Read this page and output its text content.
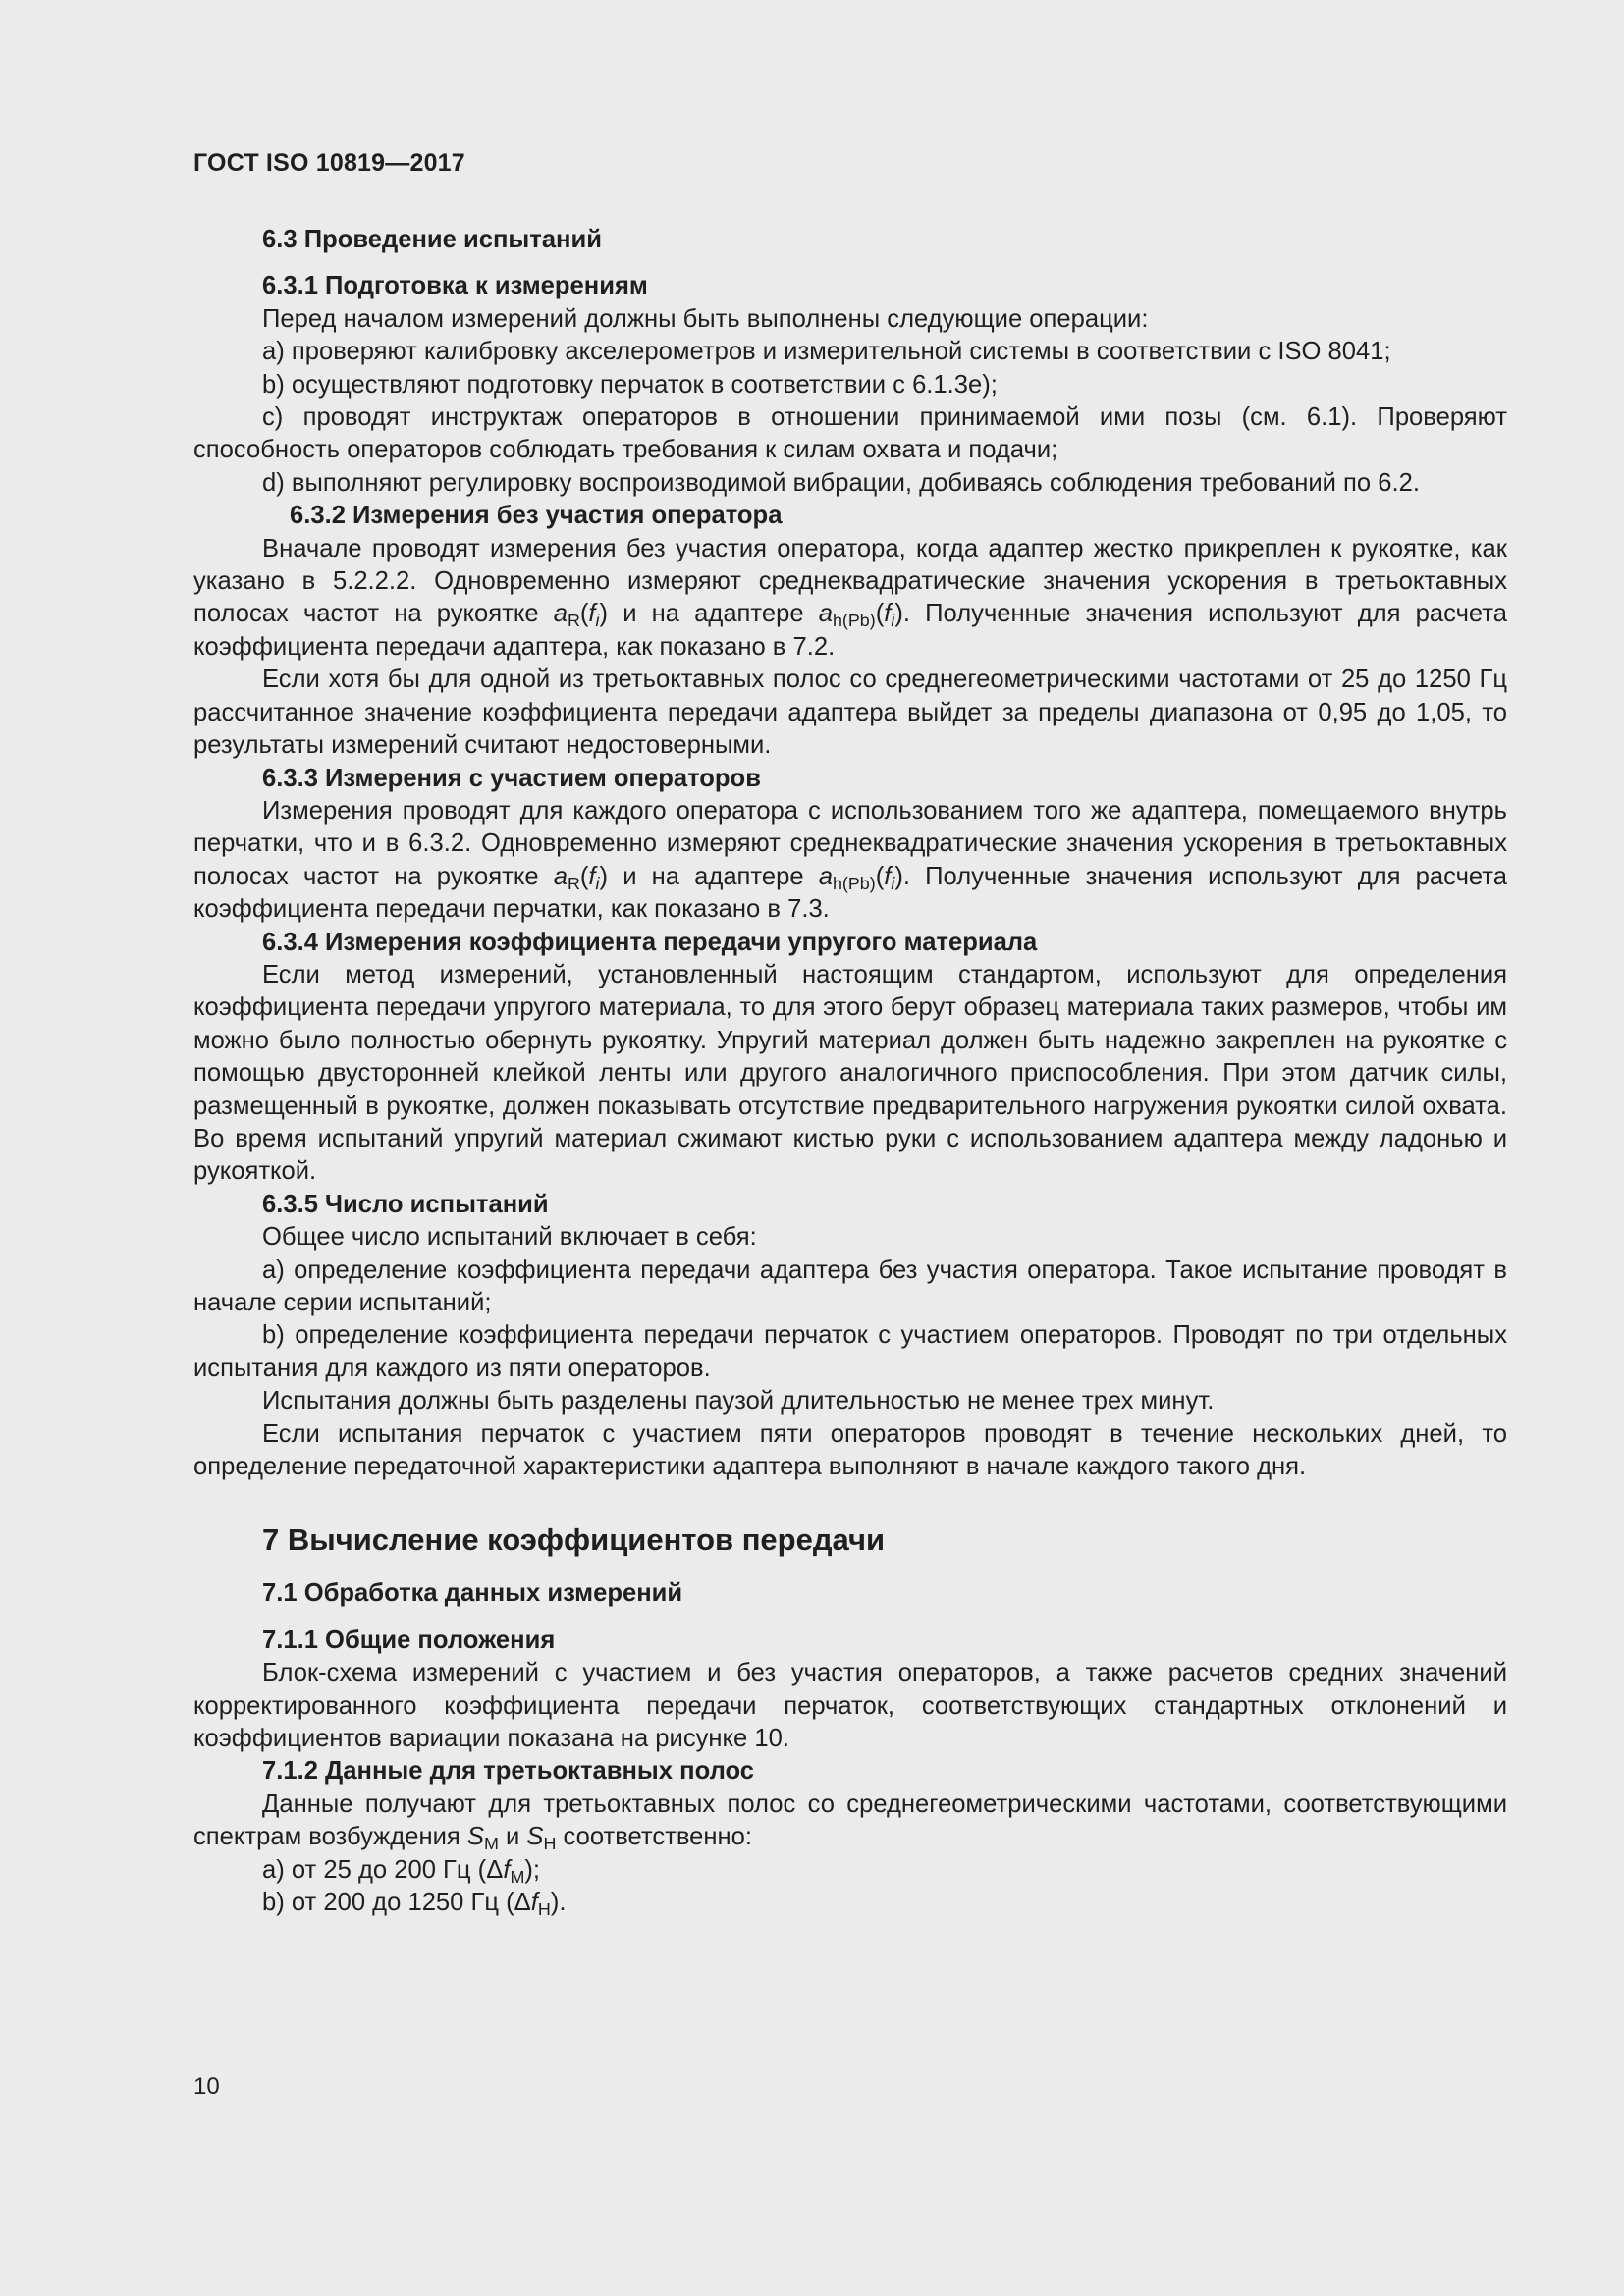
ГОСТ ISO 10819—2017

6.3 Проведение испытаний

6.3.1 Подготовка к измерениям

Перед началом измерений должны быть выполнены следующие операции:

а) проверяют калибровку акселерометров и измерительной системы в соответствии с ISO 8041;

b) осуществляют подготовку перчаток в соответствии с 6.1.3е);

с) проводят инструктаж операторов в отношении принимаемой ими позы (см. 6.1). Проверяют способность операторов соблюдать требования к силам охвата и подачи;

d) выполняют регулировку воспроизводимой вибрации, добиваясь соблюдения требований по 6.2.

6.3.2 Измерения без участия оператора

Вначале проводят измерения без участия оператора, когда адаптер жестко прикреплен к рукоятке, как указано в 5.2.2.2. Одновременно измеряют среднеквадратические значения ускорения в третьоктавных полосах частот на рукоятке $a_R(f_i)$ и на адаптере $a_{h(Pb)}(f_i)$. Полученные значения используют для расчета коэффициента передачи адаптера, как показано в 7.2.

Если хотя бы для одной из третьоктавных полос со среднегеометрическими частотами от 25 до 1250 Гц рассчитанное значение коэффициента передачи адаптера выйдет за пределы диапазона от 0,95 до 1,05, то результаты измерений считают недостоверными.

6.3.3 Измерения с участием операторов

Измерения проводят для каждого оператора с использованием того же адаптера, помещаемого внутрь перчатки, что и в 6.3.2. Одновременно измеряют среднеквадратические значения ускорения в третьоктавных полосах частот на рукоятке $a_R(f_i)$ и на адаптере $a_{h(Pb)}(f_i)$. Полученные значения используют для расчета коэффициента передачи перчатки, как показано в 7.3.

6.3.4 Измерения коэффициента передачи упругого материала

Если метод измерений, установленный настоящим стандартом, используют для определения коэффициента передачи упругого материала, то для этого берут образец материала таких размеров, чтобы им можно было полностью обернуть рукоятку. Упругий материал должен быть надежно закреплен на рукоятке с помощью двусторонней клейкой ленты или другого аналогичного приспособления. При этом датчик силы, размещенный в рукоятке, должен показывать отсутствие предварительного нагружения рукоятки силой охвата. Во время испытаний упругий материал сжимают кистью руки с использованием адаптера между ладонью и рукояткой.

6.3.5 Число испытаний

Общее число испытаний включает в себя:

а) определение коэффициента передачи адаптера без участия оператора. Такое испытание проводят в начале серии испытаний;

b) определение коэффициента передачи перчаток с участием операторов. Проводят по три отдельных испытания для каждого из пяти операторов.

Испытания должны быть разделены паузой длительностью не менее трех минут.

Если испытания перчаток с участием пяти операторов проводят в течение нескольких дней, то определение передаточной характеристики адаптера выполняют в начале каждого такого дня.

7 Вычисление коэффициентов передачи

7.1 Обработка данных измерений

7.1.1 Общие положения

Блок-схема измерений с участием и без участия операторов, а также расчетов средних значений корректированного коэффициента передачи перчаток, соответствующих стандартных отклонений и коэффициентов вариации показана на рисунке 10.

7.1.2 Данные для третьоктавных полос

Данные получают для третьоктавных полос со среднегеометрическими частотами, соответствующими спектрам возбуждения $S_М$ и $S_Н$ соответственно:

а) от 25 до 200 Гц $(\Delta f_М)$;

b) от 200 до 1250 Гц $(\Delta f_Н)$.

10
